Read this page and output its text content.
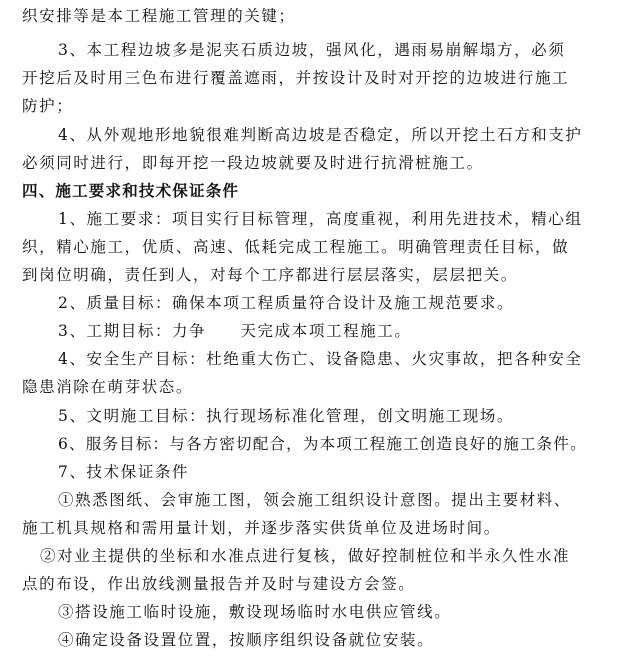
织安排等是本工程施工管理的关键；
3、本工程边坡多是泥夹石质边坡，强风化，遇雨易崩解塌方，必须
开挖后及时用三色布进行覆盖遮雨，并按设计及时对开挖的边坡进行施工
防护；
4、从外观地形地貌很难判断高边坡是否稳定，所以开挖土石方和支护
必须同时进行，即每开挖一段边坡就要及时进行抗滑桩施工。
四、施工要求和技术保证条件
1、施工要求：项目实行目标管理，高度重视，利用先进技术，精心组
织，精心施工，优质、高速、低耗完成工程施工。明确管理责任目标，做
到岗位明确，责任到人，对每个工序都进行层层落实，层层把关。
2、质量目标：确保本项工程质量符合设计及施工规范要求。
3、工期目标：力争　　天完成本项工程施工。
4、安全生产目标：杜绝重大伤亡、设备隐患、火灾事故，把各种安全
隐患消除在萌芽状态。
5、文明施工目标：执行现场标准化管理，创文明施工现场。
6、服务目标：与各方密切配合，为本项工程施工创造良好的施工条件。
7、技术保证条件
①熟悉图纸、会审施工图，领会施工组织设计意图。提出主要材料、
施工机具规格和需用量计划，并逐步落实供货单位及进场时间。
②对业主提供的坐标和水准点进行复核，做好控制桩位和半永久性水准
点的布设，作出放线测量报告并及时与建设方会签。
③搭设施工临时设施，敷设现场临时水电供应管线。
④确定设备设置位置，按顺序组织设备就位安装。
